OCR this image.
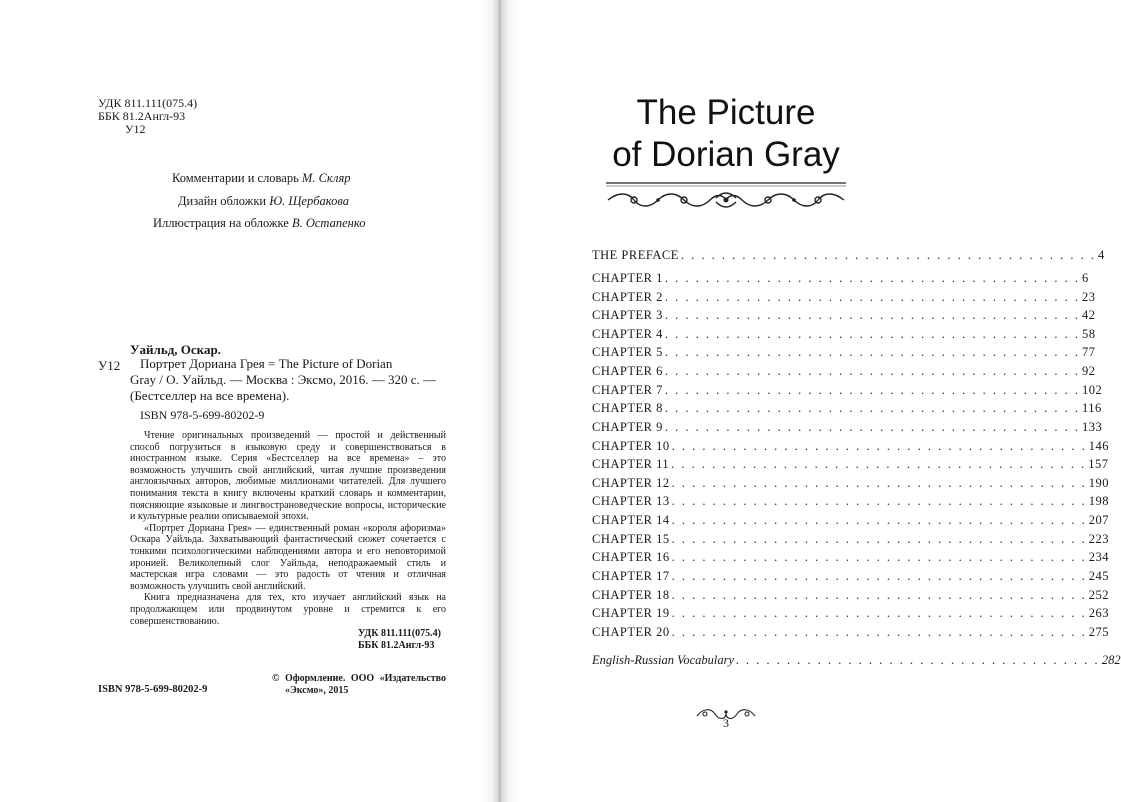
УДК 811.111(075.4)
ББК 81.2Англ-93
У12
Комментарии и словарь М. Скляр
Дизайн обложки Ю. Щербакова
Иллюстрация на обложке В. Остапенко
Уайльд, Оскар.
У12	Портрет Дориана Грея = The Picture of Dorian
Gray / О. Уайльд. — Москва : Эксмо, 2016. — 320 с. —
(Бестселлер на все времена).
ISBN 978-5-699-80202-9

Чтение оригинальных произведений — простой и действенный способ погрузиться в языковую среду и совершенствоваться в иностранном языке. Серия «Бестселлер на все времена» – это возможность улучшить свой английский, читая лучшие произведения англоязычных авторов, любимые миллионами читателей. Для лучшего понимания текста в книгу включены краткий словарь и комментарии, поясняющие языковые и лингвострановедческие вопросы, исторические и культурные реалии описываемой эпохи.

«Портрет Дориана Грея» — единственный роман «короля афоризма» Оскара Уайльда. Захватывающий фантастический сюжет сочетается с тонкими психологическими наблюдениями автора и его неповторимой иронией. Великолепный слог Уайльда, неподражаемый стиль и мастерская игра словами — это радость от чтения и отличная возможность улучшить свой английский.

Книга предназначена для тех, кто изучает английский язык на продолжающем или продвинутом уровне и стремится к его совершенствованию.

УДК 811.111(075.4)
ББК 81.2Англ-93
ISBN 978-5-699-80202-9
© Оформление. ООО «Издательство
«Эксмо», 2015
The Picture
of Dorian Gray
THE PREFACE . . . . . . . . . . . . . . . . . . . . . . . . . . . . . . . . . . . . . . . . . 4
CHAPTER 1 . . . . . . . . . . . . . . . . . . . . . . . . . . . . . . . . . . . . . . . . . 6
CHAPTER 2 . . . . . . . . . . . . . . . . . . . . . . . . . . . . . . . . . . . . . . . . . 23
CHAPTER 3 . . . . . . . . . . . . . . . . . . . . . . . . . . . . . . . . . . . . . . . . . 42
CHAPTER 4 . . . . . . . . . . . . . . . . . . . . . . . . . . . . . . . . . . . . . . . . . 58
CHAPTER 5 . . . . . . . . . . . . . . . . . . . . . . . . . . . . . . . . . . . . . . . . . 77
CHAPTER 6 . . . . . . . . . . . . . . . . . . . . . . . . . . . . . . . . . . . . . . . . . 92
CHAPTER 7 . . . . . . . . . . . . . . . . . . . . . . . . . . . . . . . . . . . . . . . . . 102
CHAPTER 8 . . . . . . . . . . . . . . . . . . . . . . . . . . . . . . . . . . . . . . . . . 116
CHAPTER 9 . . . . . . . . . . . . . . . . . . . . . . . . . . . . . . . . . . . . . . . . . 133
CHAPTER 10 . . . . . . . . . . . . . . . . . . . . . . . . . . . . . . . . . . . . . . . . . 146
CHAPTER 11 . . . . . . . . . . . . . . . . . . . . . . . . . . . . . . . . . . . . . . . . . 157
CHAPTER 12 . . . . . . . . . . . . . . . . . . . . . . . . . . . . . . . . . . . . . . . . . 190
CHAPTER 13 . . . . . . . . . . . . . . . . . . . . . . . . . . . . . . . . . . . . . . . . . 198
CHAPTER 14 . . . . . . . . . . . . . . . . . . . . . . . . . . . . . . . . . . . . . . . . . 207
CHAPTER 15 . . . . . . . . . . . . . . . . . . . . . . . . . . . . . . . . . . . . . . . . . 223
CHAPTER 16 . . . . . . . . . . . . . . . . . . . . . . . . . . . . . . . . . . . . . . . . . 234
CHAPTER 17 . . . . . . . . . . . . . . . . . . . . . . . . . . . . . . . . . . . . . . . . . 245
CHAPTER 18 . . . . . . . . . . . . . . . . . . . . . . . . . . . . . . . . . . . . . . . . . 252
CHAPTER 19 . . . . . . . . . . . . . . . . . . . . . . . . . . . . . . . . . . . . . . . . . 263
CHAPTER 20 . . . . . . . . . . . . . . . . . . . . . . . . . . . . . . . . . . . . . . . . . 275
English-Russian Vocabulary . . . . . . . . . . . . . . . . . . . . . . . . . . . . . . . . . . . . 282
3
